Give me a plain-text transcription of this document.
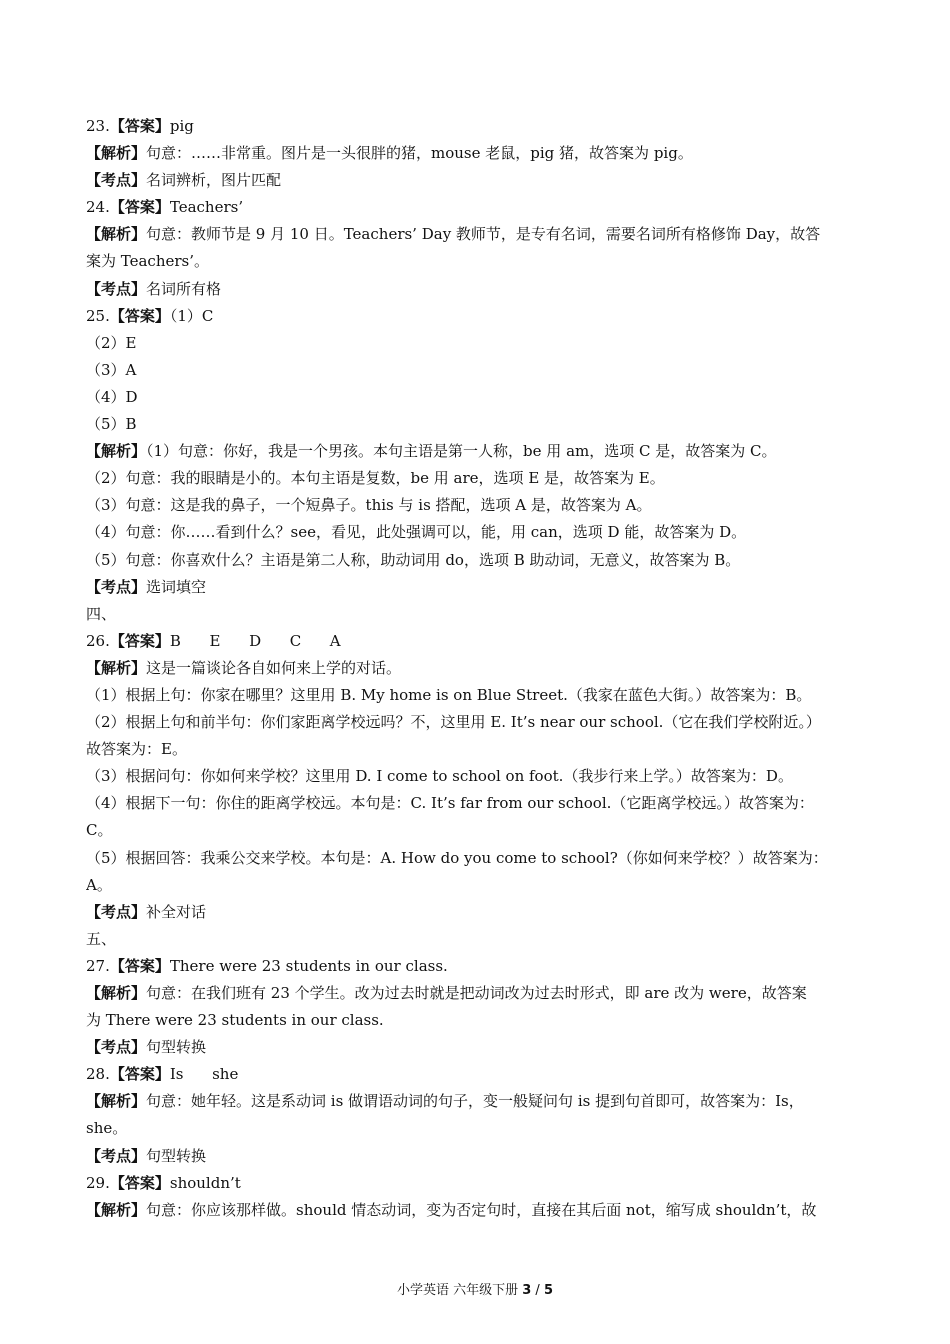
23.【答案】pig
【解析】句意：……非常重。图片是一头很胖的猪，mouse 老鼠，pig 猪，故答案为 pig。
【考点】名词辨析，图片匹配
24.【答案】Teachers’
【解析】句意：教师节是 9 月 10 日。Teachers’ Day 教师节，是专有名词，需要名词所有格修饰 Day，故答
案为 Teachers’。
【考点】名词所有格
25.【答案】（1）C
（2）E
（3）A
（4）D
（5）B
【解析】（1）句意：你好，我是一个男孩。本句主语是第一人称，be 用 am，选项 C 是，故答案为 C。
（2）句意：我的眼睛是小的。本句主语是复数，be 用 are，选项 E 是，故答案为 E。
（3）句意：这是我的鼻子，一个短鼻子。this 与 is 搭配，选项 A 是，故答案为 A。
（4）句意：你……看到什么？see，看见，此处强调可以，能，用 can，选项 D 能，故答案为 D。
（5）句意：你喜欢什么？主语是第二人称，助动词用 do，选项 B 助动词，无意义，故答案为 B。
【考点】选词填空
四、
26.【答案】B      E      D      C      A
【解析】这是一篇谈论各自如何来上学的对话。
（1）根据上句：你家在哪里？这里用 B. My home is on Blue Street.（我家在蓝色大街。）故答案为：B。
（2）根据上句和前半句：你们家距离学校远吗？不，这里用 E. It’s near our school.（它在我们学校附近。）
故答案为：E。
（3）根据问句：你如何来学校？这里用 D. I come to school on foot.（我步行来上学。）故答案为：D。
（4）根据下一句：你住的距离学校远。本句是：C. It’s far from our school.（它距离学校远。）故答案为：
C。
（5）根据回答：我乘公交来学校。本句是：A. How do you come to school?（你如何来学校？）故答案为：
A。
【考点】补全对话
五、
27.【答案】There were 23 students in our class.
【解析】句意：在我们班有 23 个学生。改为过去时就是把动词改为过去时形式，即 are 改为 were，故答案
为 There were 23 students in our class.
【考点】句型转换
28.【答案】Is      she
【解析】句意：她年轻。这是系动词 is 做谓语动词的句子，变一般疑问句 is 提到句首即可，故答案为：Is，
she。
【考点】句型转换
29.【答案】shouldn’t
【解析】句意：你应该那样做。should 情态动词，变为否定句时，直接在其后面 not，缩写成 shouldn’t，故
小学英语 六年级下册 3 / 5
